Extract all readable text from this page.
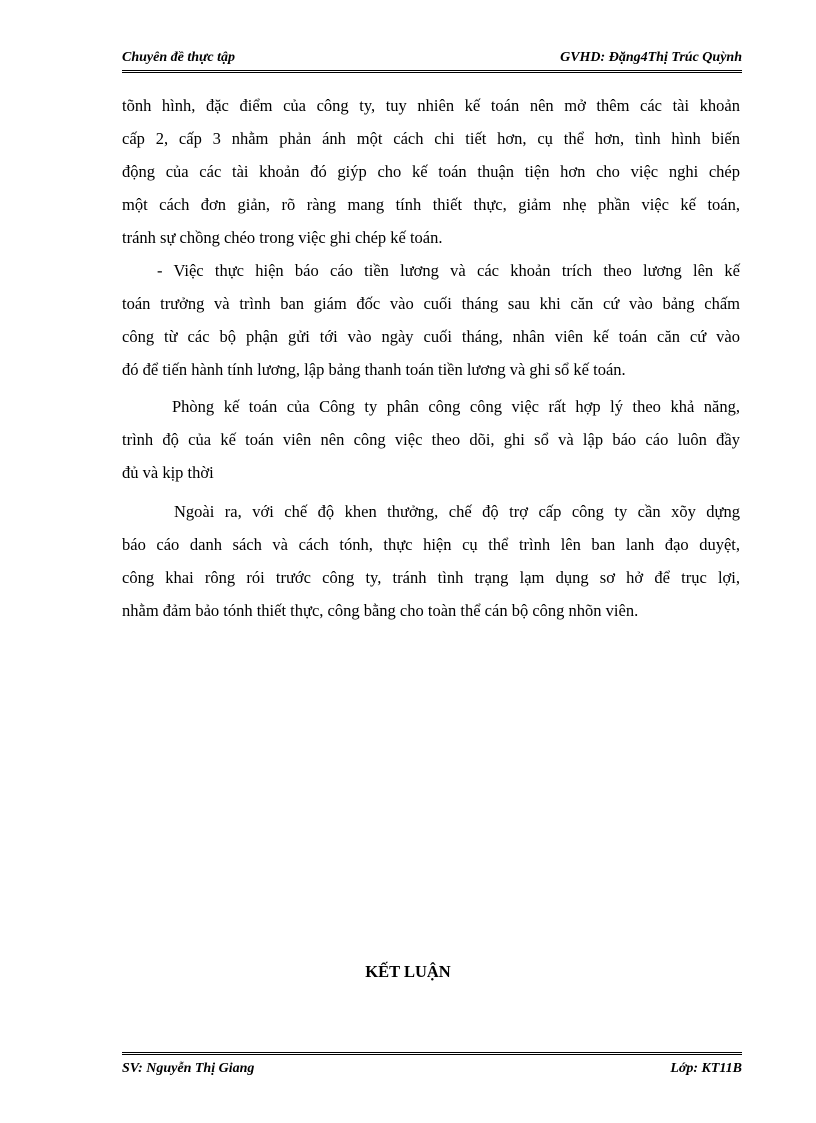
Chuyên đề thực tập	GVHD: Đặng4Thị Trúc Quỳnh
tõnh hình, đặc điểm của công ty, tuy nhiên kế toán nên mở thêm các tài khoản
cấp 2, cấp 3 nhằm phản ánh một cách chi tiết hơn, cụ thể hơn, tình hình biến
động của các tài khoản đó giýp cho kế toán thuận tiện hơn cho việc nghi chép
một cách đơn giản, rõ ràng mang tính thiết thực, giảm nhẹ phần việc kế toán,
tránh sự chồng chéo trong việc ghi chép kế toán.
- Việc thực hiện báo cáo tiền lương và các khoản trích theo lương lên kế
toán trưởng và trình ban giám đốc vào cuối tháng sau khi căn cứ vào bảng chấm
công từ các bộ phận gửi tới vào ngày cuối tháng, nhân viên kế toán căn cứ vào
đó để tiến hành tính lương, lập bảng thanh toán tiền lương và ghi sổ kế toán.
Phòng kế toán của Công ty phân công công việc rất hợp lý theo khả năng,
trình độ của kế toán viên nên công việc theo dõi, ghi sổ và lập báo cáo luôn đầy
đủ và kịp thời
Ngoài ra, với chế độ khen thưởng, chế độ trợ cấp công ty cần xõy dựng
báo cáo danh sách và cách tónh, thực hiện cụ thể trình lên ban lanh đạo duyệt,
công khai rông rói trước công ty, tránh tình trạng lạm dụng sơ hở để trục lợi,
nhằm đảm bảo tónh thiết thực, công bằng cho toàn thể cán bộ công nhõn viên.
KẾT LUẬN
SV: Nguyễn Thị Giang	Lớp: KT11B
